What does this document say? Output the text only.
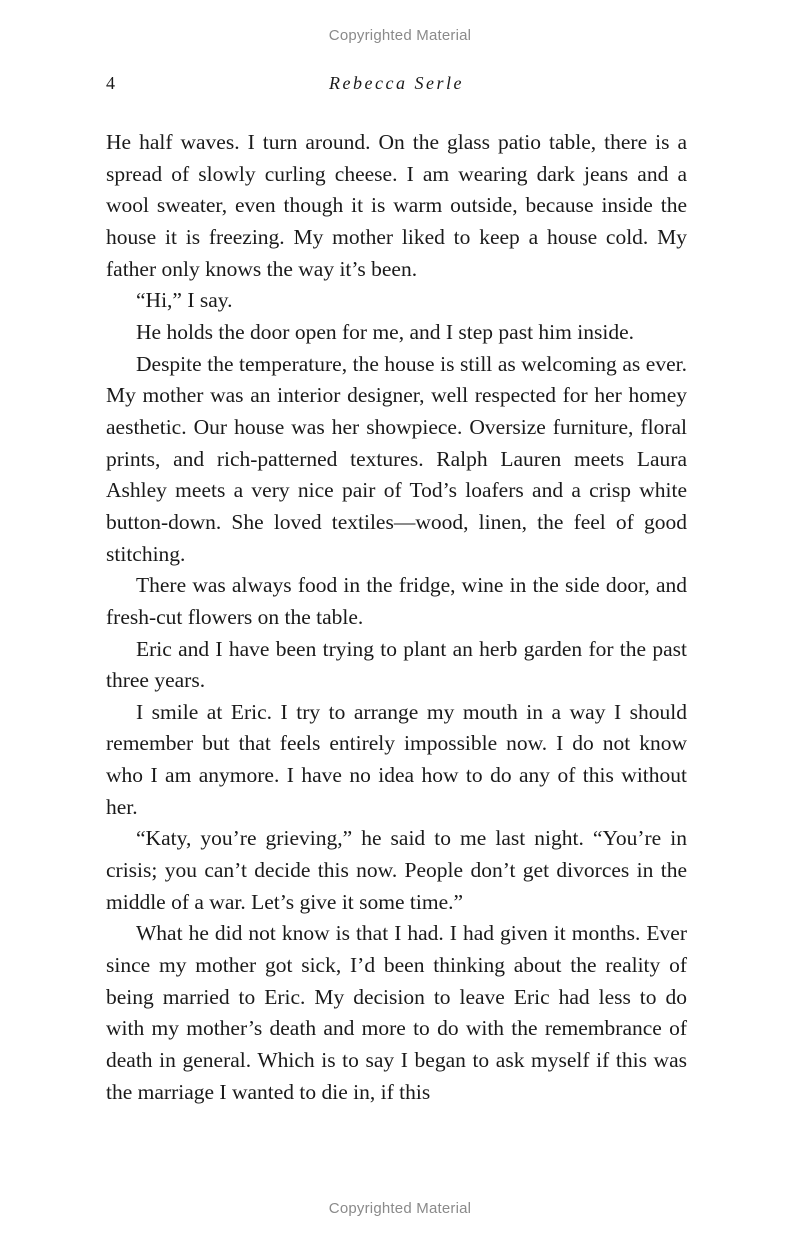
Copyrighted Material
4	Rebecca Serle

He half waves. I turn around. On the glass patio table, there is a spread of slowly curling cheese. I am wearing dark jeans and a wool sweater, even though it is warm outside, because inside the house it is freezing. My mother liked to keep a house cold. My father only knows the way it’s been.

“Hi,” I say.

He holds the door open for me, and I step past him inside.

Despite the temperature, the house is still as welcoming as ever. My mother was an interior designer, well respected for her homey aesthetic. Our house was her showpiece. Oversize furniture, floral prints, and rich-patterned textures. Ralph Lauren meets Laura Ashley meets a very nice pair of Tod’s loafers and a crisp white button-down. She loved textiles—wood, linen, the feel of good stitching.

There was always food in the fridge, wine in the side door, and fresh-cut flowers on the table.

Eric and I have been trying to plant an herb garden for the past three years.

I smile at Eric. I try to arrange my mouth in a way I should remember but that feels entirely impossible now. I do not know who I am anymore. I have no idea how to do any of this without her.

“Katy, you’re grieving,” he said to me last night. “You’re in crisis; you can’t decide this now. People don’t get divorces in the middle of a war. Let’s give it some time.”

What he did not know is that I had. I had given it months. Ever since my mother got sick, I’d been thinking about the reality of being married to Eric. My decision to leave Eric had less to do with my mother’s death and more to do with the remembrance of death in general. Which is to say I began to ask myself if this was the marriage I wanted to die in, if this

Copyrighted Material
